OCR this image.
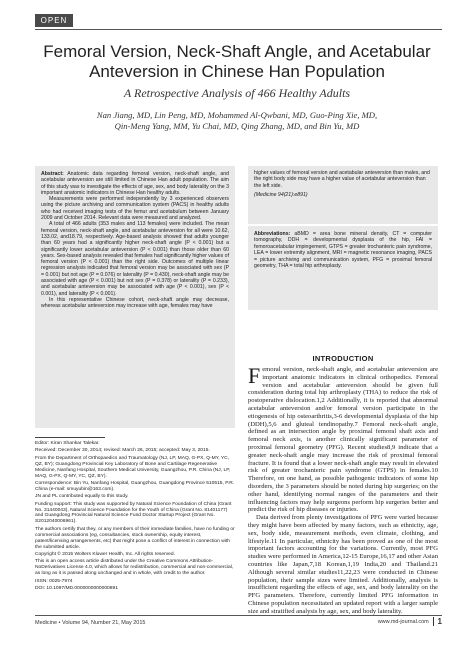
OPEN
Femoral Version, Neck-Shaft Angle, and Acetabular
Anteversion in Chinese Han Population
A Retrospective Analysis of 466 Healthy Adults
Nan Jiang, MD, Lin Peng, MD, Mohammed Al-Qwbani, MD, Guo-Ping Xie, MD,
Qin-Meng Yang, MM, Yu Chai, MD, Qing Zhang, MD, and Bin Yu, MD

Abstract: Anatomic data regarding femoral version, neck-shaft angle, and acetabular anteversion are still limited in Chinese Han adult population. The aim of this study was to investigate the effects of age, sex, and body laterality on the 3 important anatomic indicators in Chinese Han healthy adults.

Measurements were performed independently by 3 experienced observers using the picture archiving and communication system (PACS) in healthy adults who had received imaging tests of the femur and acetabulum between January 2009 and October 2014. Relevant data were measured and analyzed.

A total of 466 adults (353 males and 113 females) were included. The mean femoral version, neck-shaft angle, and acetabular anteversion for all were 10.62, 133.02, and18.79, respectively. Age-based analysis showed that adults younger than 60 years had a significantly higher neck-shaft angle (P < 0.001) but a significantly lower acetabular anteversion (P < 0.001) than those older than 60 years. Sex-based analysis revealed that females had significantly higher values of femoral version (P < 0.001) than the right side. Outcomes of multiple linear regression analysis indicated that femoral version may be associated with sex (P = 0.001) but not age (P = 0.076) or laterality (P = 0.430), neck-shaft angle may be associated with age (P < 0.001) but not sex (P = 0.378) or laterality (P = 0.233), and acetabular anteversion may be associated with age (P < 0.001), sex (P < 0.001), and laterality (P < 0.001).

In this representative Chinese cohort, neck-shaft angle may decrease, whereas acetabular anteversion may increase with age, females may have

higher values of femoral version and acetabular anteversion than males, and the right body side may have a higher value of acetabular anteversion than the left side.
(Medicine 94(21):e891)
Abbreviations: aBMD = area bone mineral density, CT = computer tomography, DDH = developmental dysplasia of the hip, FAI = femoroacetabular impingement, GTPS = greater trochanteric pain syndrome, LEA = lower extremity alignment, MRI = magnetic resonance imaging, PACS = picture archiving and communication system, PFG = proximal femoral geometry, THA = total hip arthroplasty.

Editor: Kiran Shankar Talekar.

Received: December 30, 2014; revised: March 26, 2015; accepted: May 3, 2015.

From the Department of Orthopaedics and Traumatology (NJ, LP, MAQ, G-PX, Q-MY, YC, QZ, BY); Guangdong Provincial Key Laboratory of Bone and Cartilage Regenerative Medicine, Nanfang Hospital, Southern Medical University, Guangzhou, P.R. China (NJ, LP, MAQ, G-PX, Q-MY, YC, QZ, BY).

Correspondence: Bin Yu, Nanfang Hospital, Guangzhou, Guangdong Province 510515, P.R. China (e-mail: smuyubin@163.com).

JN and PL contributed equally to this study.

Funding support: This study was supported by Natural Science Foundation of China (Grant No. 31440043), Natural Science Foundation for the Youth of China (Grant No. 81401177) and Guangdong Provincial Natural Science Fund Doctor Startup Project (Grant No. S2012040006961).

The authors certify that they, or any members of their immediate families, have no funding or commercial associations (eg, consultancies, stock ownership, equity interest, patent/licensing arrangements, etc) that might pose a conflict of interest in connection with the submitted article.

Copyright © 2015 Wolters Kluwer Health, Inc. All rights reserved.

This is an open access article distributed under the Creative Commons Attribution-NoDerivatives License 4.0, which allows for redistribution, commercial and non-commercial, as long as it is passed along unchanged and in whole, with credit to the author.

ISSN: 0025-7974

DOI: 10.1097/MD.0000000000000891

INTRODUCTION

Femoral version, neck-shaft angle, and acetabular anteversion are important anatomic indicators in clinical orthopedics. Femoral version and acetabular anteversion should be given full consideration during total hip arthroplasty (THA) to reduce the risk of postoperative dislocation.1,2 Additionally, it is reported that abnormal acetabular anteversion and/or femoral version participate in the etiogenesis of hip osteoarthritis,3-6 developmental dysplasia of the hip (DDH),5,6 and gluteal tendinopathy.7 Femoral neck-shaft angle, defined as an intersection angle by proximal femoral shaft axis and femoral neck axis, is another clinically significant parameter of proximal femoral geometry (PFG). Recent studies8,9 indicate that a greater neck-shaft angle may increase the risk of proximal femoral fracture. It is found that a lower neck-shaft angle may result in elevated risk of greater trochanteric pain syndrome (GTPS) in females.10 Therefore, on one hand, as possible pathogenic indicators of some hip disorders, the 3 parameters should be noted during hip surgeries; on the other hand, identifying normal ranges of the parameters and their influencing factors may help surgeons perform hip surgeries better and predict the risk of hip diseases or injuries.

Data derived from plenty investigations of PFG were varied because they might have been affected by many factors, such as ethnicity, age, sex, body side, measurement methods, even climate, clothing, and lifestyle.11 In particular, ethnicity has been proved as one of the most important factors accounting for the variations. Currently, most PFG studies were performed in America,12-15 Europe,16,17 and other Asian countries like Japan,7,18 Korean,1,19 India,20 and Thailand.21 Although several similar studies11,22,23 were conducted in Chinese population, their sample sizes were limited. Additionally, analysis is insufficient regarding the effects of age, sex, and body laterality on the PFG parameters. Therefore, currently limited PFG information in Chinese population necessitated an updated report with a larger sample size and stratified analysis by age, sex, and body laterality.

Medicine • Volume 94, Number 21, May 2015	www.md-journal.com 1
